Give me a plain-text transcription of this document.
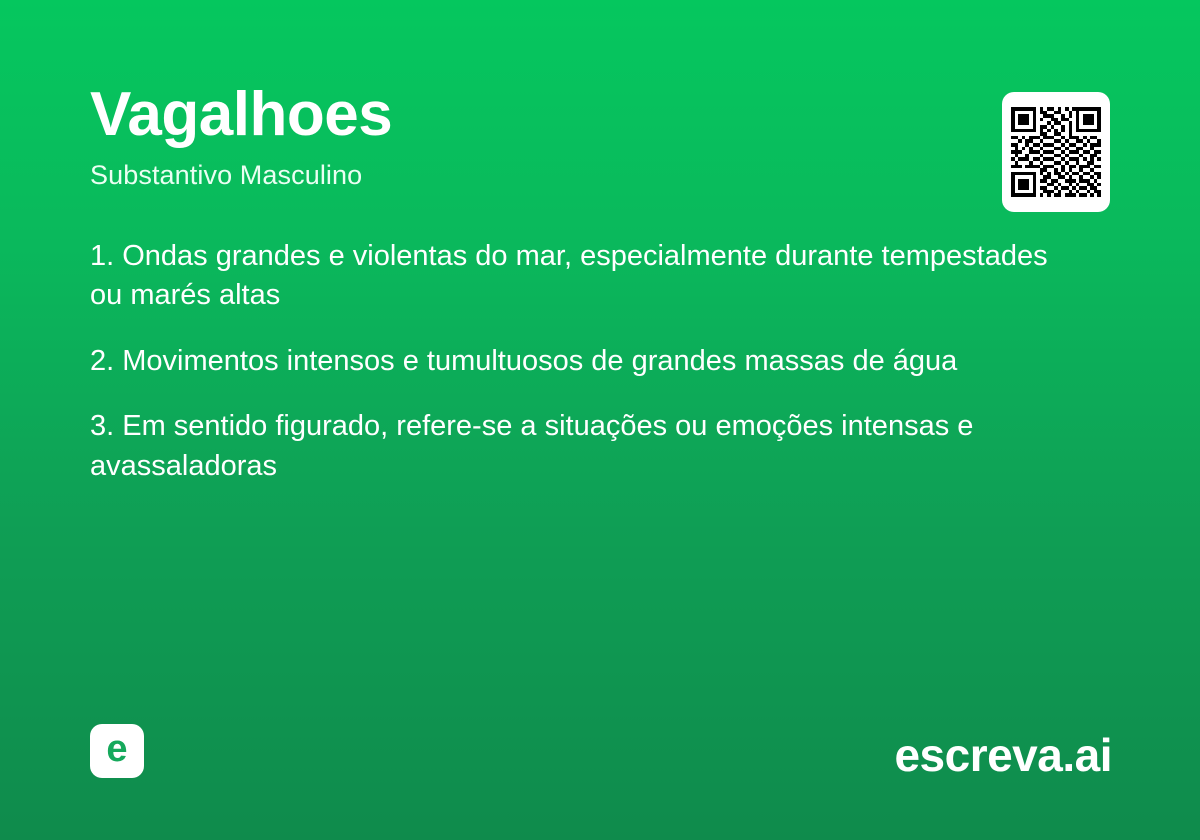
Vagalhoes
Substantivo Masculino
1. Ondas grandes e violentas do mar, especialmente durante tempestades ou marés altas
2. Movimentos intensos e tumultuosos de grandes massas de água
3. Em sentido figurado, refere-se a situações ou emoções intensas e avassaladoras
e	escreva.ai
